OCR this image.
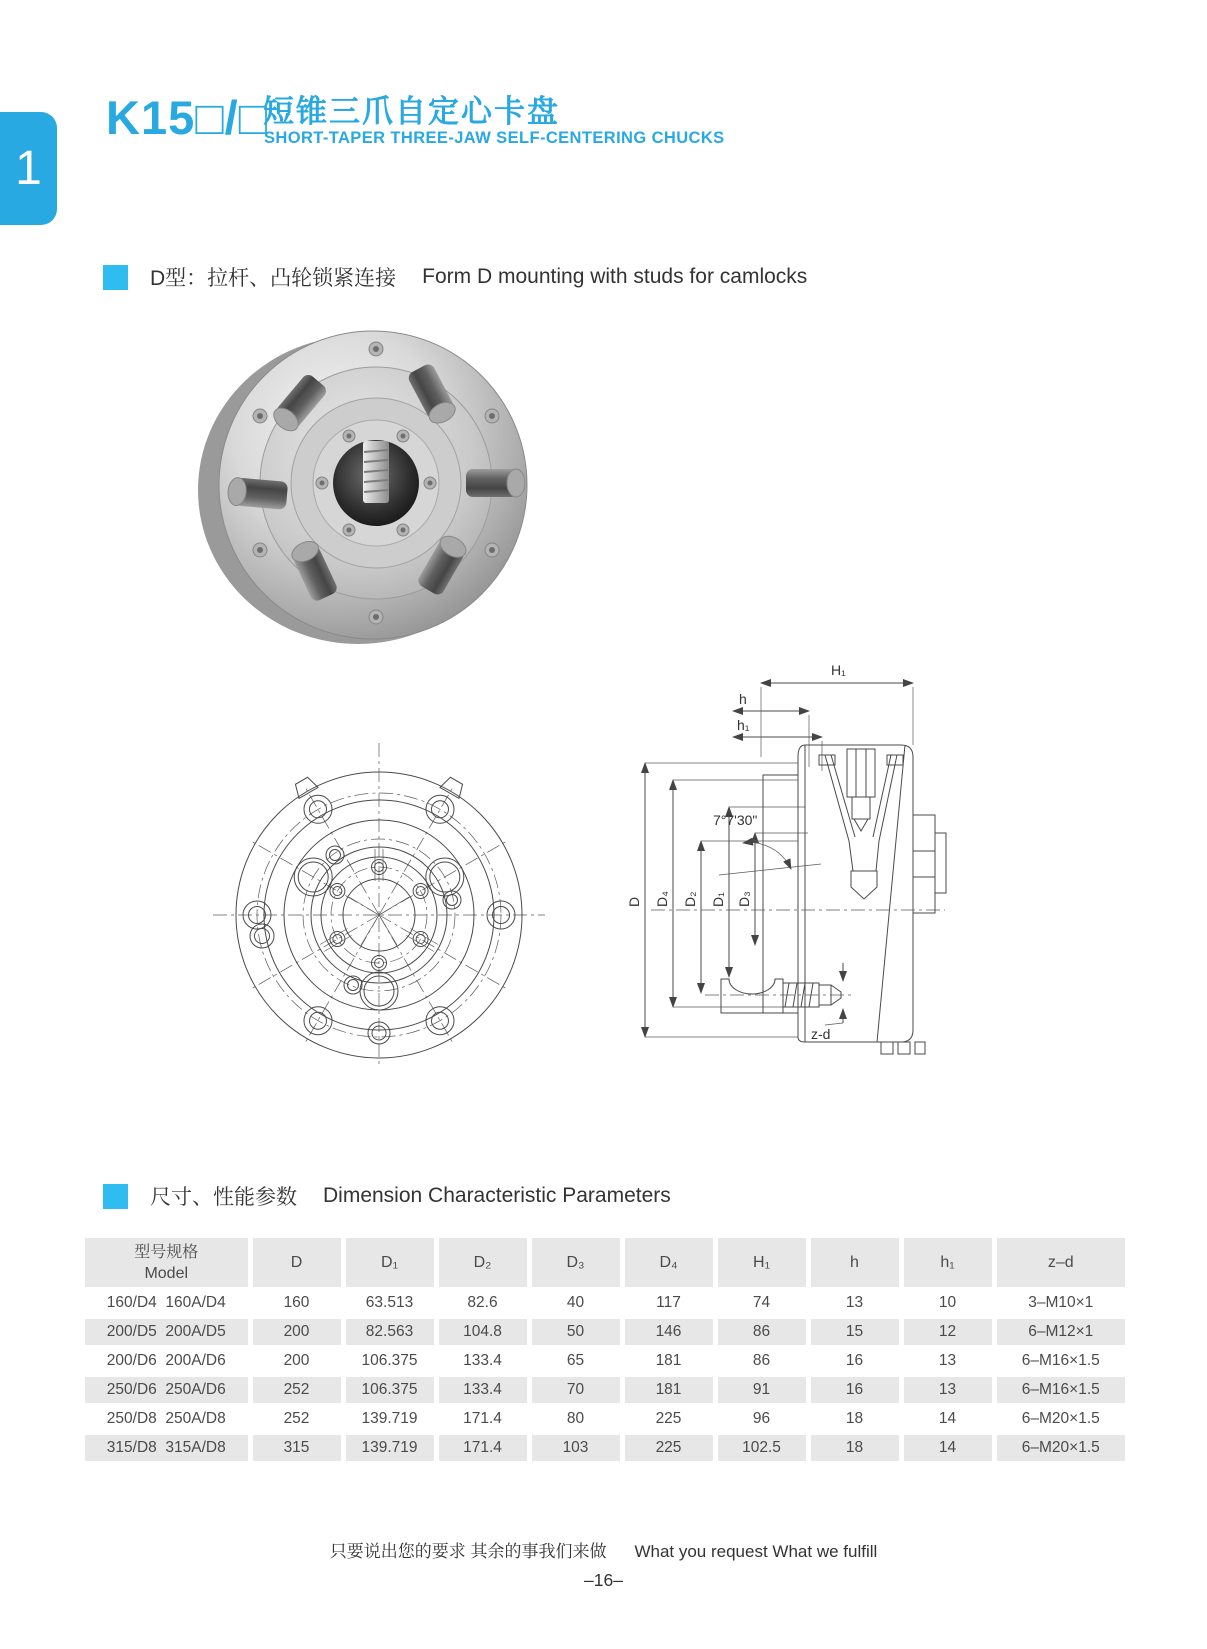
1
K15□/□
短锥三爪自定心卡盘
SHORT-TAPER THREE-JAW SELF-CENTERING CHUCKS
D型：拉杆、凸轮锁紧连接 Form D mounting with studs for camlocks
H₁
h
h₁
D D₄ D₂ D₁ D₃
7°7'30"
z-d
尺寸、性能参数 Dimension Characteristic Parameters
型号规格
Model	D	D₁	D₂	D₃	D₄	H₁	h	h₁	z–d
160/D4  160A/D4	160	63.513	82.6	40	117	74	13	10	3–M10×1
200/D5  200A/D5	200	82.563	104.8	50	146	86	15	12	6–M12×1
200/D6  200A/D6	200	106.375	133.4	65	181	86	16	13	6–M16×1.5
250/D6  250A/D6	252	106.375	133.4	70	181	91	16	13	6–M16×1.5
250/D8  250A/D8	252	139.719	171.4	80	225	96	18	14	6–M20×1.5
315/D8  315A/D8	315	139.719	171.4	103	225	102.5	18	14	6–M20×1.5
只要说出您的要求 其余的事我们来做 What you request What we fulfill
–16–
